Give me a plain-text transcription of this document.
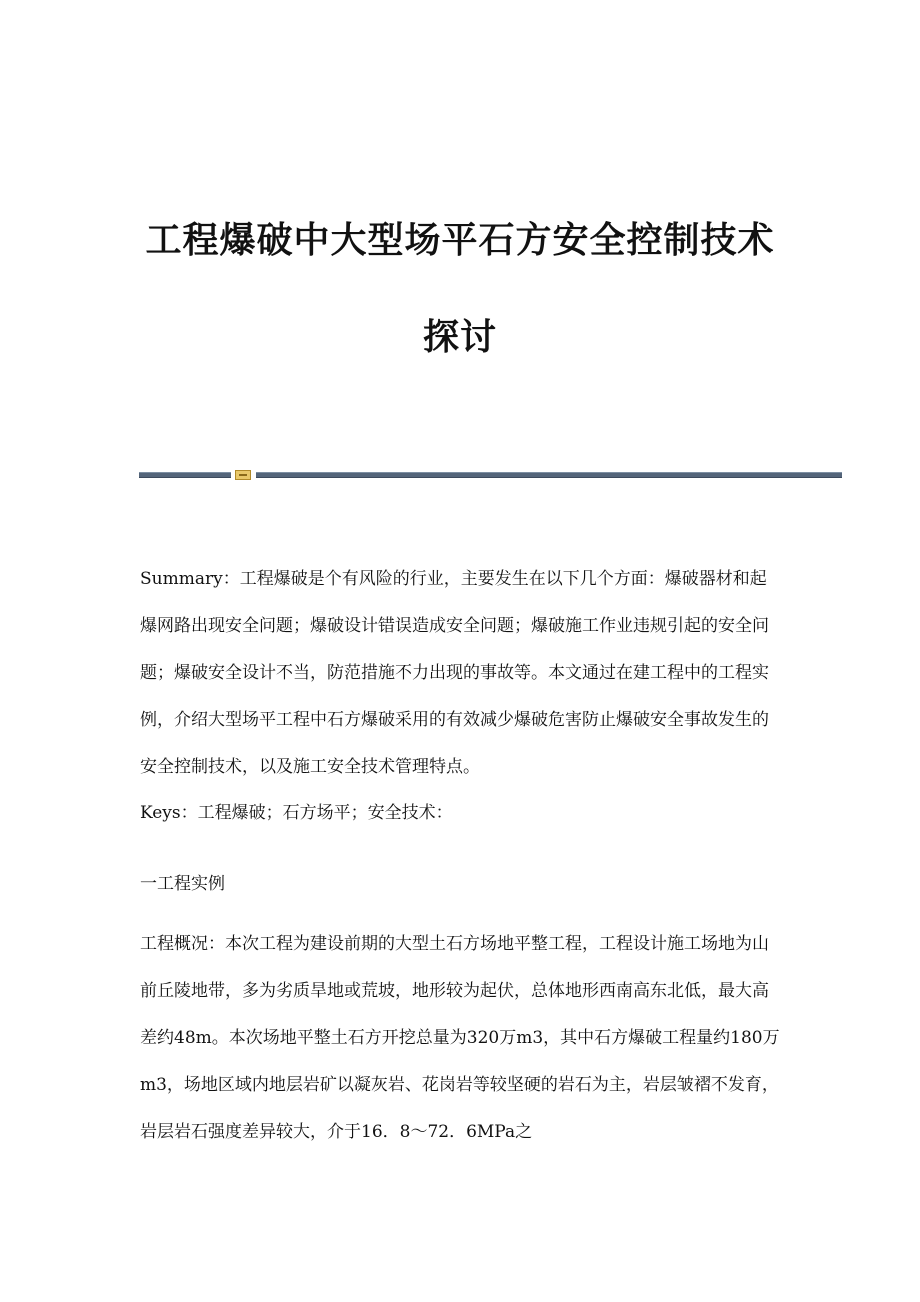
工程爆破中大型场平石方安全控制技术
探讨

Summary：工程爆破是个有风险的行业，主要发生在以下几个方面：爆破器材和起爆网路出现安全问题；爆破设计错误造成安全问题；爆破施工作业违规引起的安全问题；爆破安全设计不当，防范措施不力出现的事故等。本文通过在建工程中的工程实例，介绍大型场平工程中石方爆破采用的有效减少爆破危害防止爆破安全事故发生的安全控制技术，以及施工安全技术管理特点。

Keys：工程爆破；石方场平；安全技术：

一工程实例

工程概况：本次工程为建设前期的大型土石方场地平整工程，工程设计施工场地为山前丘陵地带，多为劣质旱地或荒坡，地形较为起伏，总体地形西南高东北低，最大高差约48m。本次场地平整土石方开挖总量为320万m3，其中石方爆破工程量约180万m3，场地区域内地层岩矿以凝灰岩、花岗岩等较坚硬的岩石为主，岩层皱褶不发育，岩层岩石强度差异较大，介于16．8～72．6MPa之
